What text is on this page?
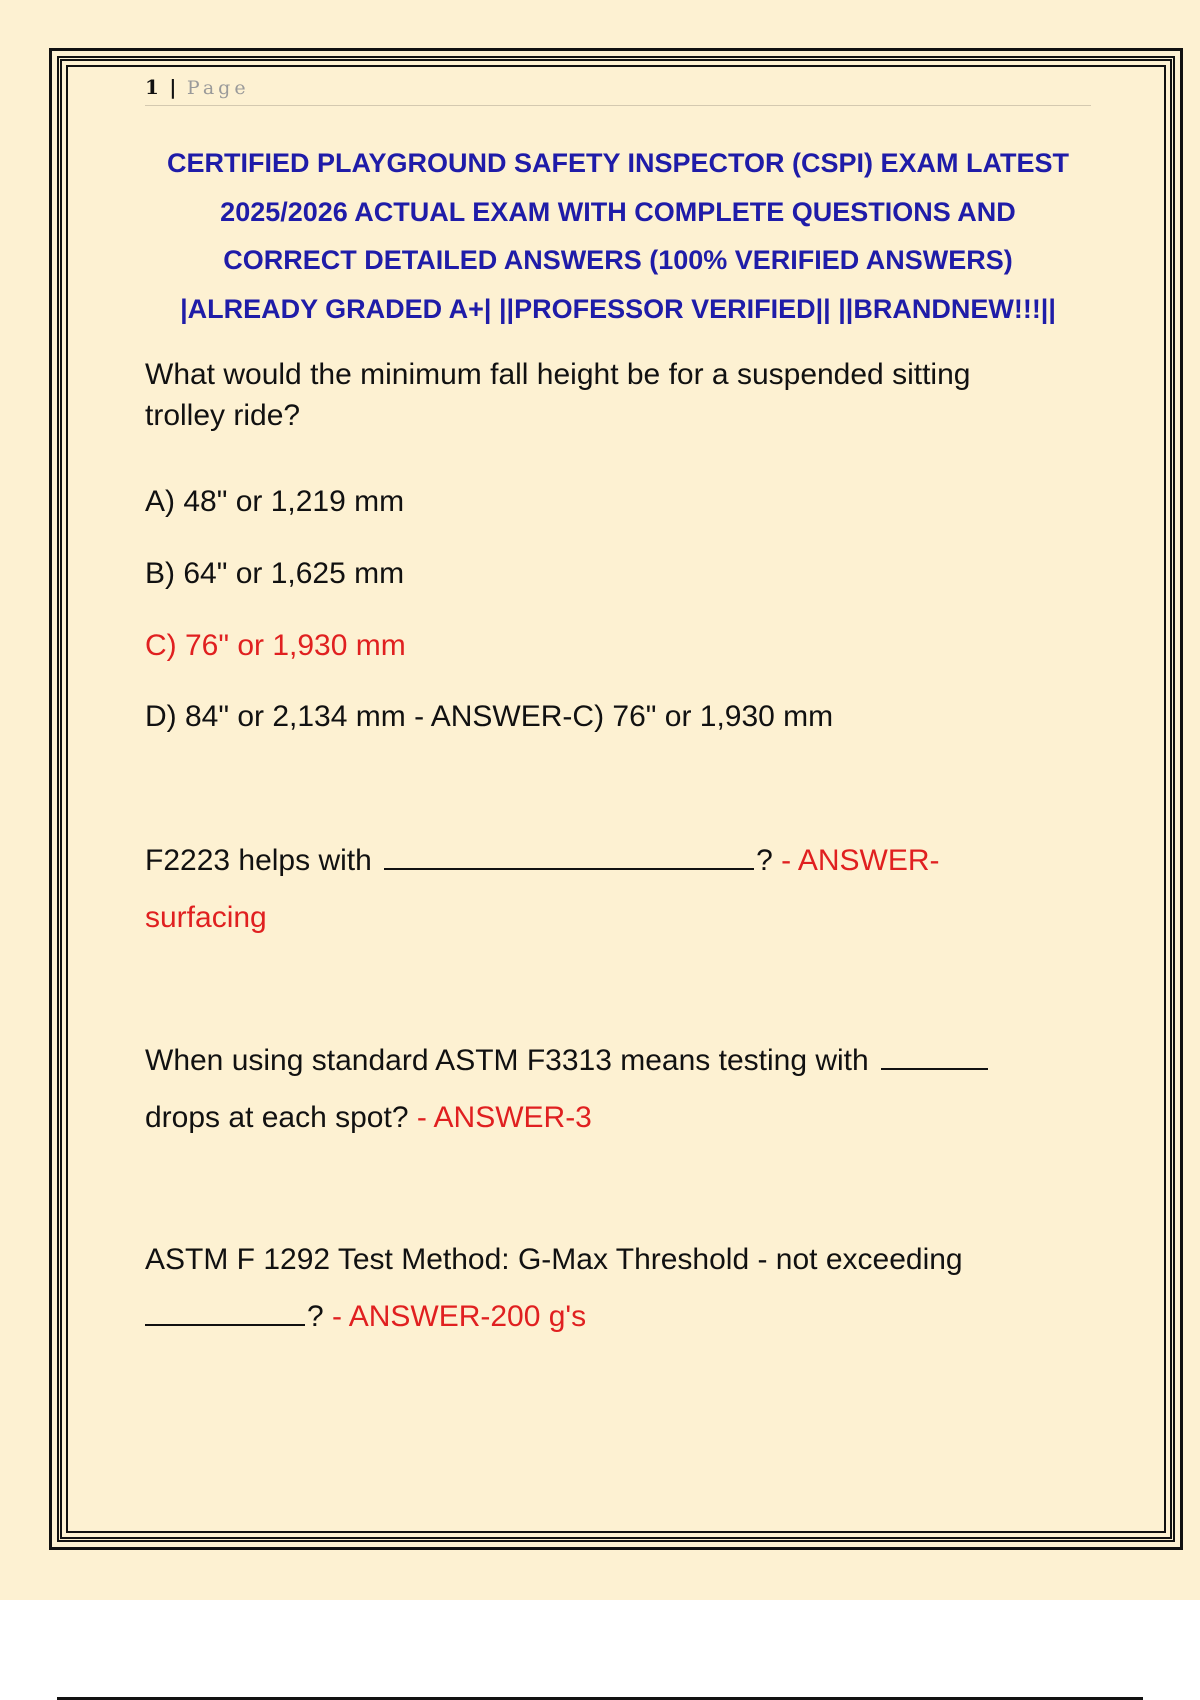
1 | Page
CERTIFIED PLAYGROUND SAFETY INSPECTOR (CSPI) EXAM LATEST
2025/2026 ACTUAL EXAM WITH COMPLETE QUESTIONS AND
CORRECT DETAILED ANSWERS (100% VERIFIED ANSWERS)
|ALREADY GRADED A+| ||PROFESSOR VERIFIED|| ||BRANDNEW!!!||
What would the minimum fall height be for a suspended sitting
trolley ride?
A) 48" or 1,219 mm
B) 64" or 1,625 mm
C) 76" or 1,930 mm
D) 84" or 2,134 mm - ANSWER-C) 76" or 1,930 mm
F2223 helps with	? - ANSWER-
surfacing
When using standard ASTM F3313 means testing with
drops at each spot? - ANSWER-3
ASTM F 1292 Test Method: G-Max Threshold - not exceeding
? - ANSWER-200 g's
